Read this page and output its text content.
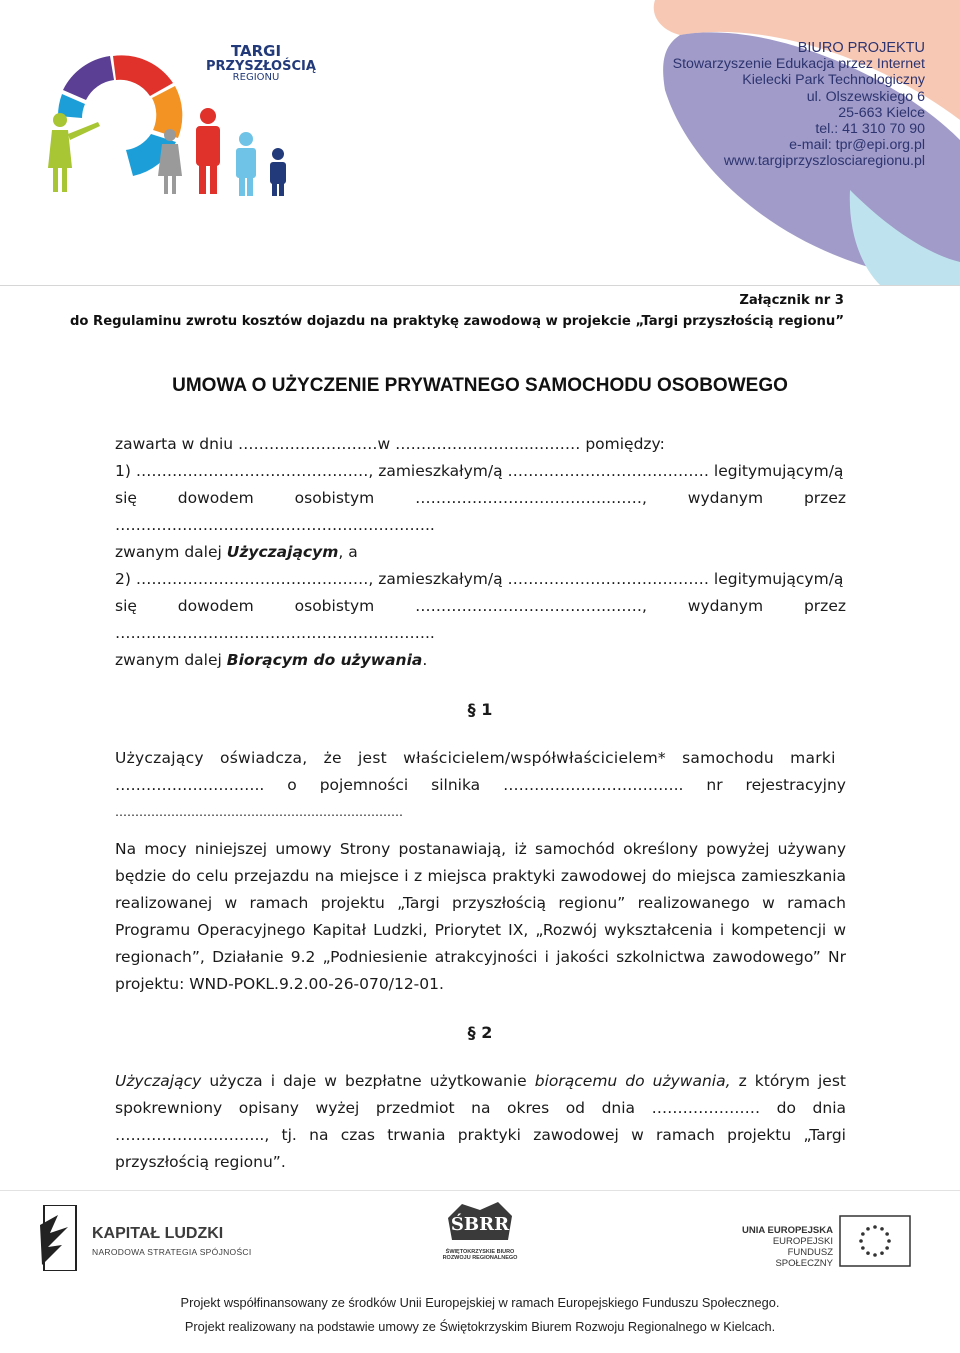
TARGI
PRZYSZŁOŚCIĄ
REGIONU
BIURO PROJEKTU
Stowarzyszenie Edukacja przez Internet
Kielecki Park Technologiczny
ul. Olszewskiego 6
25-663 Kielce
tel.: 41 310 70 90
e-mail: tpr@epi.org.pl
www.targiprzyszlosciaregionu.pl
Załącznik nr 3
do Regulaminu zwrotu kosztów dojazdu na praktykę zawodową w projekcie „Targi przyszłością regionu”
UMOWA O UŻYCZENIE PRYWATNEGO SAMOCHODU OSOBOWEGO
zawarta w dniu ………………………w ……………………...……… pomiędzy:
1) ………………………………………, zamieszkałym/ą ………………………………… legitymującym/ą
się	dowodem	osobistym	………………………………..……,	wydanym	przez
……………………………………………………..
zwanym dalej Użyczającym, a
2) ………………………………………, zamieszkałym/ą ………………………………… legitymującym/ą
się	dowodem	osobistym	………………………………..……,	wydanym	przez
……………………………………………………..
zwanym dalej Biorącym do używania.
§ 1
Użyczający oświadcza, że jest właścicielem/współwłaścicielem* samochodu marki
……………………….. o pojemności silnika …………………………….. nr rejestracyjny
………………………………………………………………
Na mocy niniejszej umowy Strony postanawiają, iż samochód określony powyżej używany będzie do celu przejazdu na miejsce i z miejsca praktyki zawodowej do miejsca zamieszkania realizowanej w ramach projektu „Targi przyszłością regionu” realizowanego w ramach Programu Operacyjnego Kapitał Ludzki, Priorytet IX, „Rozwój wykształcenia i kompetencji w regionach”, Działanie 9.2 „Podniesienie atrakcyjności i jakości szkolnictwa zawodowego” Nr projektu: WND-POKL.9.2.00-26-070/12-01.
§ 2
Użyczający użycza i daje w bezpłatne użytkowanie biorącemu do używania, z którym jest spokrewniony opisany wyżej przedmiot na okres od dnia ………………… do dnia ……………………….., tj. na czas trwania praktyki zawodowej w ramach projektu „Targi przyszłością regionu”.
KAPITAŁ LUDZKI
NARODOWA STRATEGIA SPÓJNOŚCI
ŚBRR
ŚWIĘTOKRZYSKIE BIURO
ROZWOJU REGIONALNEGO
UNIA EUROPEJSKA
EUROPEJSKI
FUNDUSZ SPOŁECZNY
Projekt współfinansowany ze środków Unii Europejskiej w ramach Europejskiego Funduszu Społecznego.
Projekt realizowany na podstawie umowy ze Świętokrzyskim Biurem Rozwoju Regionalnego w Kielcach.
